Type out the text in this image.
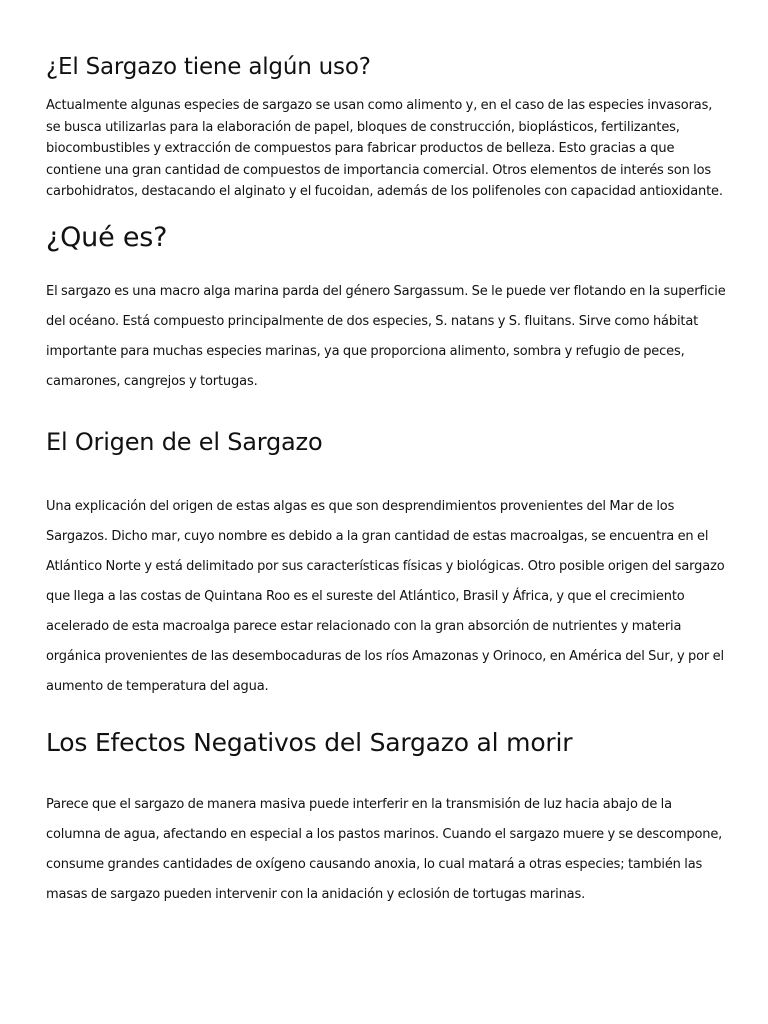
¿El Sargazo tiene algún uso?

Actualmente algunas especies de sargazo se usan como alimento y, en el caso de las especies invasoras, se busca utilizarlas para la elaboración de papel, bloques de construcción, bioplásticos, fertilizantes, biocombustibles y extracción de compuestos para fabricar productos de belleza. Esto gracias a que contiene una gran cantidad de compuestos de importancia comercial. Otros elementos de interés son los carbohidratos, destacando el alginato y el fucoidan, además de los polifenoles con capacidad antioxidante.

¿Qué es?

El sargazo es una macro alga marina parda del género Sargassum. Se le puede ver flotando en la superficie del océano. Está compuesto principalmente de dos especies, S. natans y S. fluitans. Sirve como hábitat importante para muchas especies marinas, ya que proporciona alimento, sombra y refugio de peces, camarones, cangrejos y tortugas.

El Origen de el Sargazo

Una explicación del origen de estas algas es que son desprendimientos provenientes del Mar de los Sargazos. Dicho mar, cuyo nombre es debido a la gran cantidad de estas macroalgas, se encuentra en el Atlántico Norte y está delimitado por sus características físicas y biológicas. Otro posible origen del sargazo que llega a las costas de Quintana Roo es el sureste del Atlántico, Brasil y África, y que el crecimiento acelerado de esta macroalga parece estar relacionado con la gran absorción de nutrientes y materia orgánica provenientes de las desembocaduras de los ríos Amazonas y Orinoco, en América del Sur, y por el aumento de temperatura del agua.

Los Efectos Negativos del Sargazo al morir

Parece que el sargazo de manera masiva puede interferir en la transmisión de luz hacia abajo de la columna de agua, afectando en especial a los pastos marinos. Cuando el sargazo muere y se descompone, consume grandes cantidades de oxígeno causando anoxia, lo cual matará a otras especies; también las masas de sargazo pueden intervenir con la anidación y eclosión de tortugas marinas.
